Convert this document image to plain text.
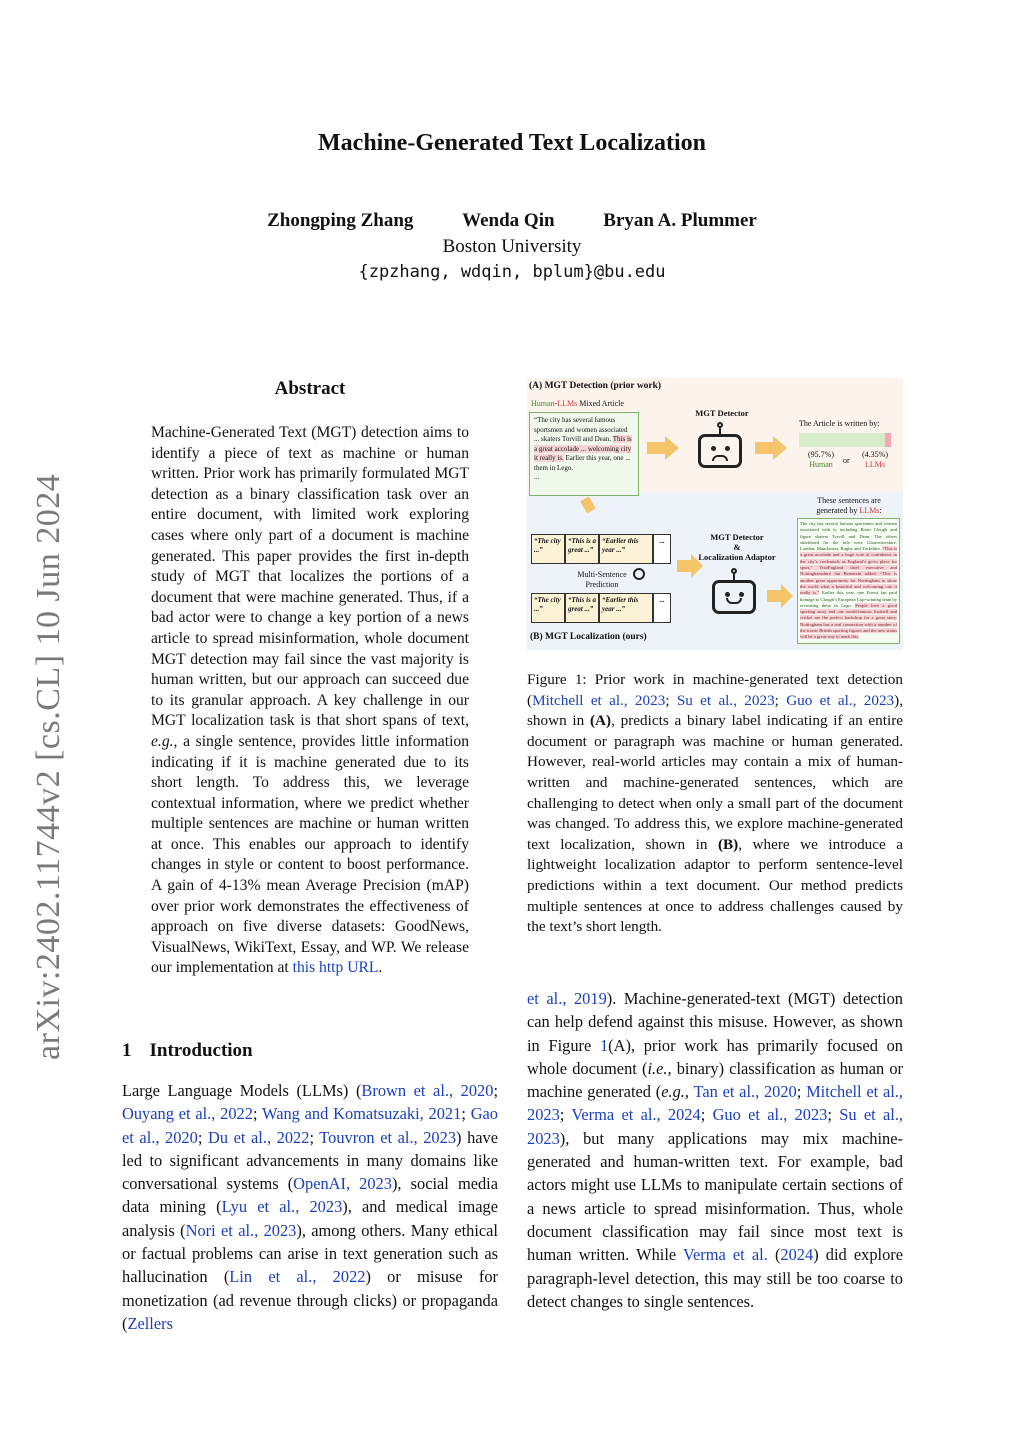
arXiv:2402.11744v2 [cs.CL] 10 Jun 2024
Machine-Generated Text Localization
Zhongping Zhang	Wenda Qin	Bryan A. Plummer
Boston University
{zpzhang, wdqin, bplum}@bu.edu
Abstract
Machine-Generated Text (MGT) detection aims to identify a piece of text as machine or human written. Prior work has primarily formulated MGT detection as a binary classification task over an entire document, with limited work exploring cases where only part of a document is machine generated. This paper provides the first in-depth study of MGT that localizes the portions of a document that were machine generated. Thus, if a bad actor were to change a key portion of a news article to spread misinformation, whole document MGT detection may fail since the vast majority is human written, but our approach can succeed due to its granular approach. A key challenge in our MGT localization task is that short spans of text, e.g., a single sentence, provides little information indicating if it is machine generated due to its short length. To address this, we leverage contextual information, where we predict whether multiple sentences are machine or human written at once. This enables our approach to identify changes in style or content to boost performance. A gain of 4-13% mean Average Precision (mAP) over prior work demonstrates the effectiveness of approach on five diverse datasets: GoodNews, VisualNews, WikiText, Essay, and WP. We release our implementation at this http URL.
1 Introduction
Large Language Models (LLMs) (Brown et al., 2020; Ouyang et al., 2022; Wang and Komatsuzaki, 2021; Gao et al., 2020; Du et al., 2022; Touvron et al., 2023) have led to significant advancements in many domains like conversational systems (OpenAI, 2023), social media data mining (Lyu et al., 2023), and medical image analysis (Nori et al., 2023), among others. Many ethical or factual problems can arise in text generation such as hallucination (Lin et al., 2022) or misuse for monetization (ad revenue through clicks) or propaganda (Zellers
et al., 2019). Machine-generated-text (MGT) detection can help defend against this misuse. However, as shown in Figure 1(A), prior work has primarily focused on whole document (i.e., binary) classification as human or machine generated (e.g., Tan et al., 2020; Mitchell et al., 2023; Verma et al., 2024; Guo et al., 2023; Su et al., 2023), but many applications may mix machine-generated and human-written text. For example, bad actors might use LLMs to manipulate certain sections of a news article to spread misinformation. Thus, whole document classification may fail since most text is human written. While Verma et al. (2024) did explore paragraph-level detection, this may still be too coarse to detect changes to single sentences.
(A) MGT Detection (prior work)
Human-LLMs Mixed Article
“The city has several famous sportsmen and women associated ... skaters Torvill and Dean. This is a great accolade ... welcoming city it really is. Earlier this year, one ... them in Lego.
...
MGT Detector
The Article is written by:
(95.7%)
Human	or
(4.35%)
LLMs
These sentences are
generated by LLMs:
“The city ...”
“This is a great ...”
“Earlier this year ...”
...
Multi-Sentence
Prediction
“The city ...”
“This is a great ...”
“Earlier this year ...”
...
MGT Detector
&
Localization Adaptor
The city has several famous sportsmen and women associated with it, including Brian Clough and figure skaters Torvill and Dean. The others shortlisted for the title were Gloucestershire, London, Manchester, Rugby and Yorkshire. “This is a great accolade and a huge vote of confidence in the city’s credentials as England’s go-to place for sport,” VisitEngland chief executive and Nottinghamshire fan Bernstein added: “This is another great opportunity for Nottingham to show the world what a beautiful and welcoming city it really is.” Earlier this year, one Forest fan paid homage to Clough’s European Cup-winning team by recreating them in Lego. People love a good sporting story and our world-famous football and cricket are the perfect backdrop for a great story. Nottingham has a real connection with a number of the iconic British sporting figures and the new status will be a great way to mark this.
(B) MGT Localization (ours)
Figure 1: Prior work in machine-generated text detection (Mitchell et al., 2023; Su et al., 2023; Guo et al., 2023), shown in (A), predicts a binary label indicating if an entire document or paragraph was machine or human generated. However, real-world articles may contain a mix of human-written and machine-generated sentences, which are challenging to detect when only a small part of the document was changed. To address this, we explore machine-generated text localization, shown in (B), where we introduce a lightweight localization adaptor to perform sentence-level predictions within a text document. Our method predicts multiple sentences at once to address challenges caused by the text’s short length.
